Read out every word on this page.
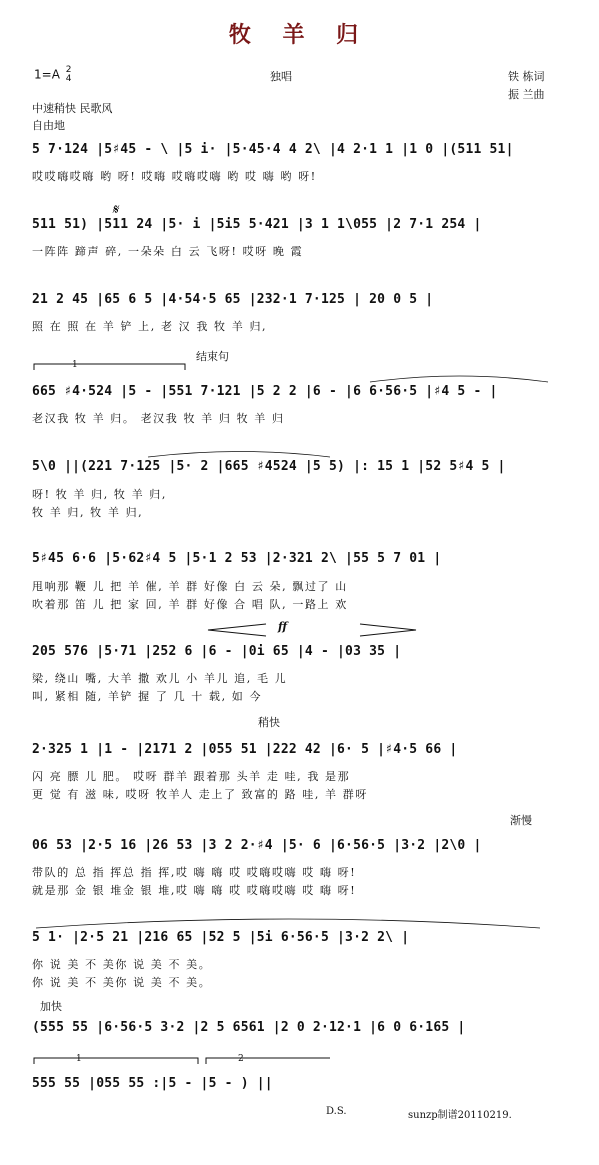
牧 羊 归
1=A 2
4	独唱	铁 栋词
振 兰曲
中速稍快 民歌风
自由地
5 7·124 |5♯45 - \ |5 i· |5·45·4 4 2\ |4 2·1 1 |1 0 |(511 51|
哎哎嗨哎嗨 哟 呀! 哎嗨 哎嗨哎嗨 哟 哎 嗨 哟 呀!
511 51) |511 24 |5· i |5i5 5·421 |3 1 1\055 |2 7·1 254 |
一阵阵 蹄声 碎, 一朵朵 白 云 飞呀! 哎呀 晚 霞
21 2 45 |65 6 5 |4·54·5 65 |232·1 7·125 | 20 0 5 |
照 在 照 在 羊 铲 上, 老 汉 我 牧 羊 归,
结束句
1
665 ♯4·524 |5 - |551 7·121 |5 2 2 |6 - |6 6·56·5 |♯4 5 - |
老汉我 牧 羊 归。 老汉我 牧 羊 归 牧 羊 归
5\0 ||(221 7·125 |5· 2 |665 ♯4524 |5 5) |: 15 1 |52 5♯4 5 |
呀! 牧 羊 归, 牧 羊 归,
牧 羊 归, 牧 羊 归,
5♯45 6·6 |5·62♯4 5 |5·1 2 53 |2·321 2\ |55 5 7 01 |
甩响那 鞭 儿 把 羊 催, 羊 群 好像 白 云 朵, 飘过了 山
吹着那 笛 儿 把 家 回, 羊 群 好像 合 唱 队, 一路上 欢
ff
205 576 |5·71 |252 6 |6 - |0i 65 |4 - |03 35 |
梁, 绕山 嘴, 大羊 撒 欢儿 小 羊儿 追, 毛 儿
叫, 紧相 随, 羊铲 握 了 几 十 载, 如 今
稍快
2·325 1 |1 - |2171 2 |055 51 |222 42 |6· 5 |♯4·5 66 |
闪 亮 膘 儿 肥。 哎呀 群羊 跟着那 头羊 走 哇, 我 是那
更 觉 有 滋 味, 哎呀 牧羊人 走上了 致富的 路 哇, 羊 群呀
渐慢
06 53 |2·5 16 |26 53 |3 2 2·♯4 |5· 6 |6·56·5 |3·2 |2\0 |
带队的 总 指 挥总 指 挥,哎 嗨 嗨 哎 哎嗨哎嗨 哎 嗨 呀!
就是那 金 银 堆金 银 堆,哎 嗨 嗨 哎 哎嗨哎嗨 哎 嗨 呀!
5 1· |2·5 21 |216 65 |52 5 |5i 6·56·5 |3·2 2\ |
你 说 美 不 美你 说 美 不 美。
你 说 美 不 美你 说 美 不 美。
加快
(555 55 |6·56·5 3·2 |2 5 6561 |2 0 2·12·1 |6 0 6·165 |
1	2
555 55 |055 55 :|5 - |5 - ) ||
D.S.	sunzp制谱20110219.
𝄋
